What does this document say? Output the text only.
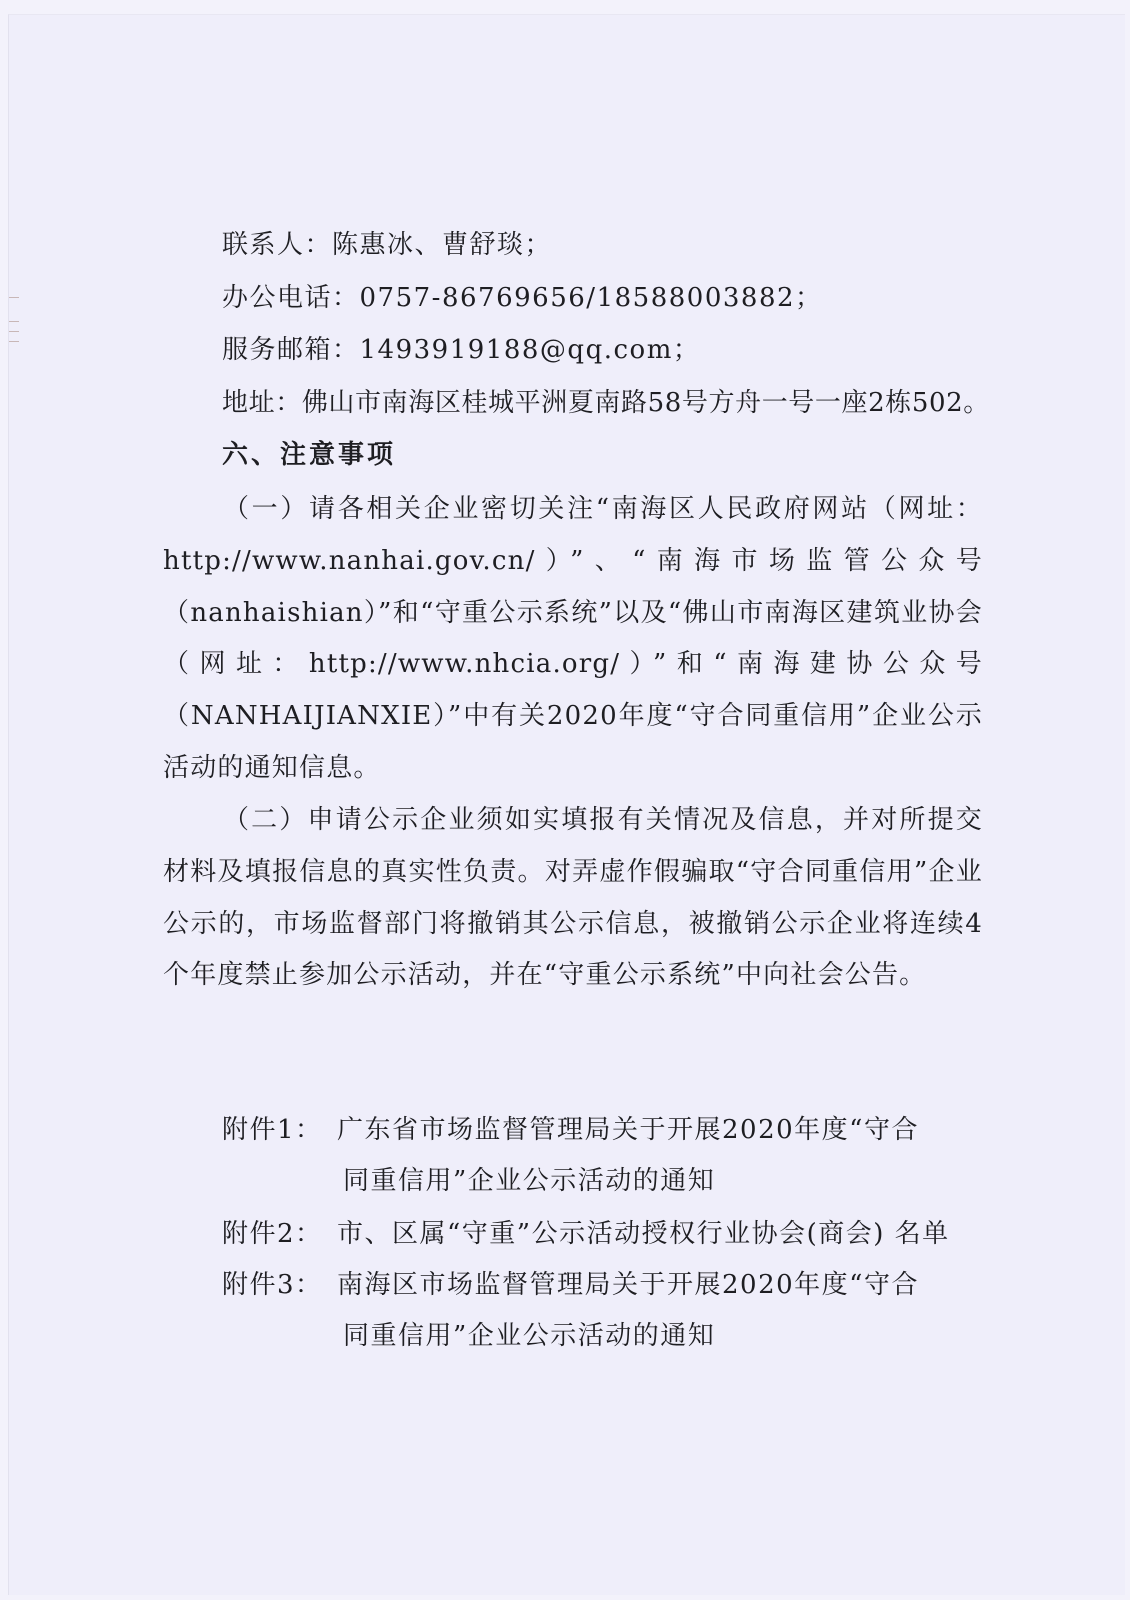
联系人：陈惠冰、曹舒琰；
办公电话：0757-86769656/18588003882；
服务邮箱：1493919188@qq.com；
地址：佛山市南海区桂城平洲夏南路58号方舟一号一座2栋502。
六、注意事项
（一）请各相关企业密切关注“南海区人民政府网站（网址：http://www.nanhai.gov.cn/）”、“南海市场监管公众号（nanhaishian）”和“守重公示系统”以及“佛山市南海区建筑业协会（网址：http://www.nhcia.org/）”和“南海建协公众号（NANHAIJIANXIE）”中有关2020年度“守合同重信用”企业公示活动的通知信息。
（二）申请公示企业须如实填报有关情况及信息，并对所提交材料及填报信息的真实性负责。对弄虚作假骗取“守合同重信用”企业公示的，市场监督部门将撤销其公示信息，被撤销公示企业将连续4个年度禁止参加公示活动，并在“守重公示系统”中向社会公告。
附件1： 广东省市场监督管理局关于开展2020年度“守合
同重信用”企业公示活动的通知
附件2： 市、区属“守重”公示活动授权行业协会(商会) 名单
附件3： 南海区市场监督管理局关于开展2020年度“守合
同重信用”企业公示活动的通知
